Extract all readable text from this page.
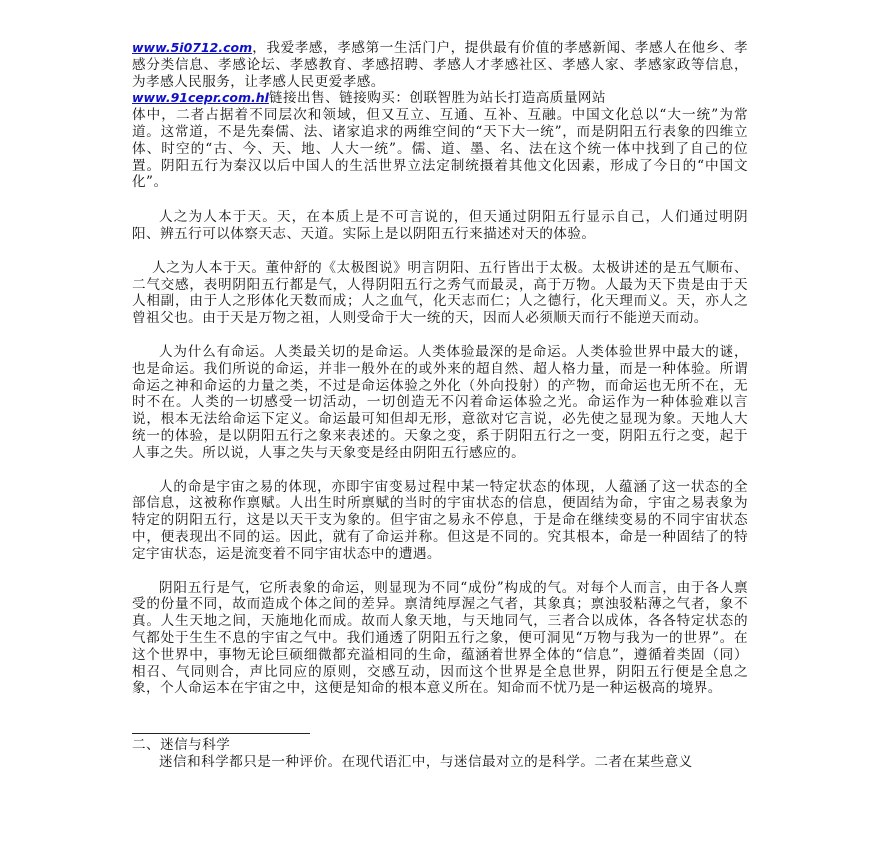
www.5i0712.com，我爱孝感，孝感第一生活门户，提供最有价值的孝感新闻、孝感人在他乡、孝感分类信息、孝感论坛、孝感教育、孝感招聘、孝感人才孝感社区、孝感人家、孝感家政等信息，为孝感人民服务，让孝感人民更爱孝感。

www.91cepr.com.hl链接出售、链接购买：创联智胜为站长打造高质量网站

体中，二者占据着不同层次和领域，但又互立、互通、互补、互融。中国文化总以“大一统”为常道。这常道，不是先秦儒、法、诸家追求的两维空间的“天下大一统”，而是阴阳五行表象的四维立体、时空的“古、今、天、地、人大一统”。儒、道、墨、名、法在这个统一体中找到了自己的位置。阴阳五行为秦汉以后中国人的生活世界立法定制统摄着其他文化因素，形成了今日的“中国文化”。

人之为人本于天。天，在本质上是不可言说的，但天通过阴阳五行显示自己，人们通过明阴阳、辨五行可以体察天志、天道。实际上是以阴阳五行来描述对天的体验。

人之为人本于天。董仲舒的《太极图说》明言阴阳、五行皆出于太极。太极讲述的是五气顺布、二气交感，表明阴阳五行都是气，人得阴阳五行之秀气而最灵，高于万物。人最为天下贵是由于天人相副，由于人之形体化天数而成；人之血气，化天志而仁；人之德行，化天理而义。天，亦人之曾祖父也。由于天是万物之祖，人则受命于大一统的天，因而人必须顺天而行不能逆天而动。

人为什么有命运。人类最关切的是命运。人类体验最深的是命运。人类体验世界中最大的谜，也是命运。我们所说的命运，并非一般外在的或外来的超自然、超人格力量，而是一种体验。所谓命运之神和命运的力量之类，不过是命运体验之外化（外向投射）的产物，而命运也无所不在，无时不在。人类的一切感受一切活动，一切创造无不闪着命运体验之光。命运作为一种体验难以言说，根本无法给命运下定义。命运最可知但却无形，意欲对它言说，必先使之显现为象。天地人大统一的体验，是以阴阳五行之象来表述的。天象之变，系于阴阳五行之一变，阴阳五行之变，起于人事之失。所以说，人事之失与天象变是经由阴阳五行感应的。

人的命是宇宙之易的体现，亦即宇宙变易过程中某一特定状态的体现，人蕴涵了这一状态的全部信息，这被称作禀赋。人出生时所禀赋的当时的宇宙状态的信息，便固结为命，宇宙之易表象为特定的阴阳五行，这是以天干支为象的。但宇宙之易永不停息，于是命在继续变易的不同宇宙状态中，便表现出不同的运。因此，就有了命运并称。但这是不同的。究其根本，命是一种固结了的特定宇宙状态，运是流变着不同宇宙状态中的遭遇。

阴阳五行是气，它所表象的命运，则显现为不同“成份”构成的气。对每个人而言，由于各人禀受的份量不同，故而造成个体之间的差异。禀清纯厚渥之气者，其象真；禀浊驳粘薄之气者，象不真。人生天地之间，天施地化而成。故而人象天地，与天地同气，三者合以成体，各各特定状态的气都处于生生不息的宇宙之气中。我们通透了阴阳五行之象，便可洞见“万物与我为一的世界”。在这个世界中，事物无论巨硕细微都充溢相同的生命，蕴涵着世界全体的“信息”，遵循着类固（同）相召、气同则合，声比同应的原则，交感互动，因而这个世界是全息世界，阴阳五行便是全息之象，个人命运本在宇宙之中，这便是知命的根本意义所在。知命而不忧乃是一种运极高的境界。

二、迷信与科学

迷信和科学都只是一种评价。在现代语汇中，与迷信最对立的是科学。二者在某些意义
